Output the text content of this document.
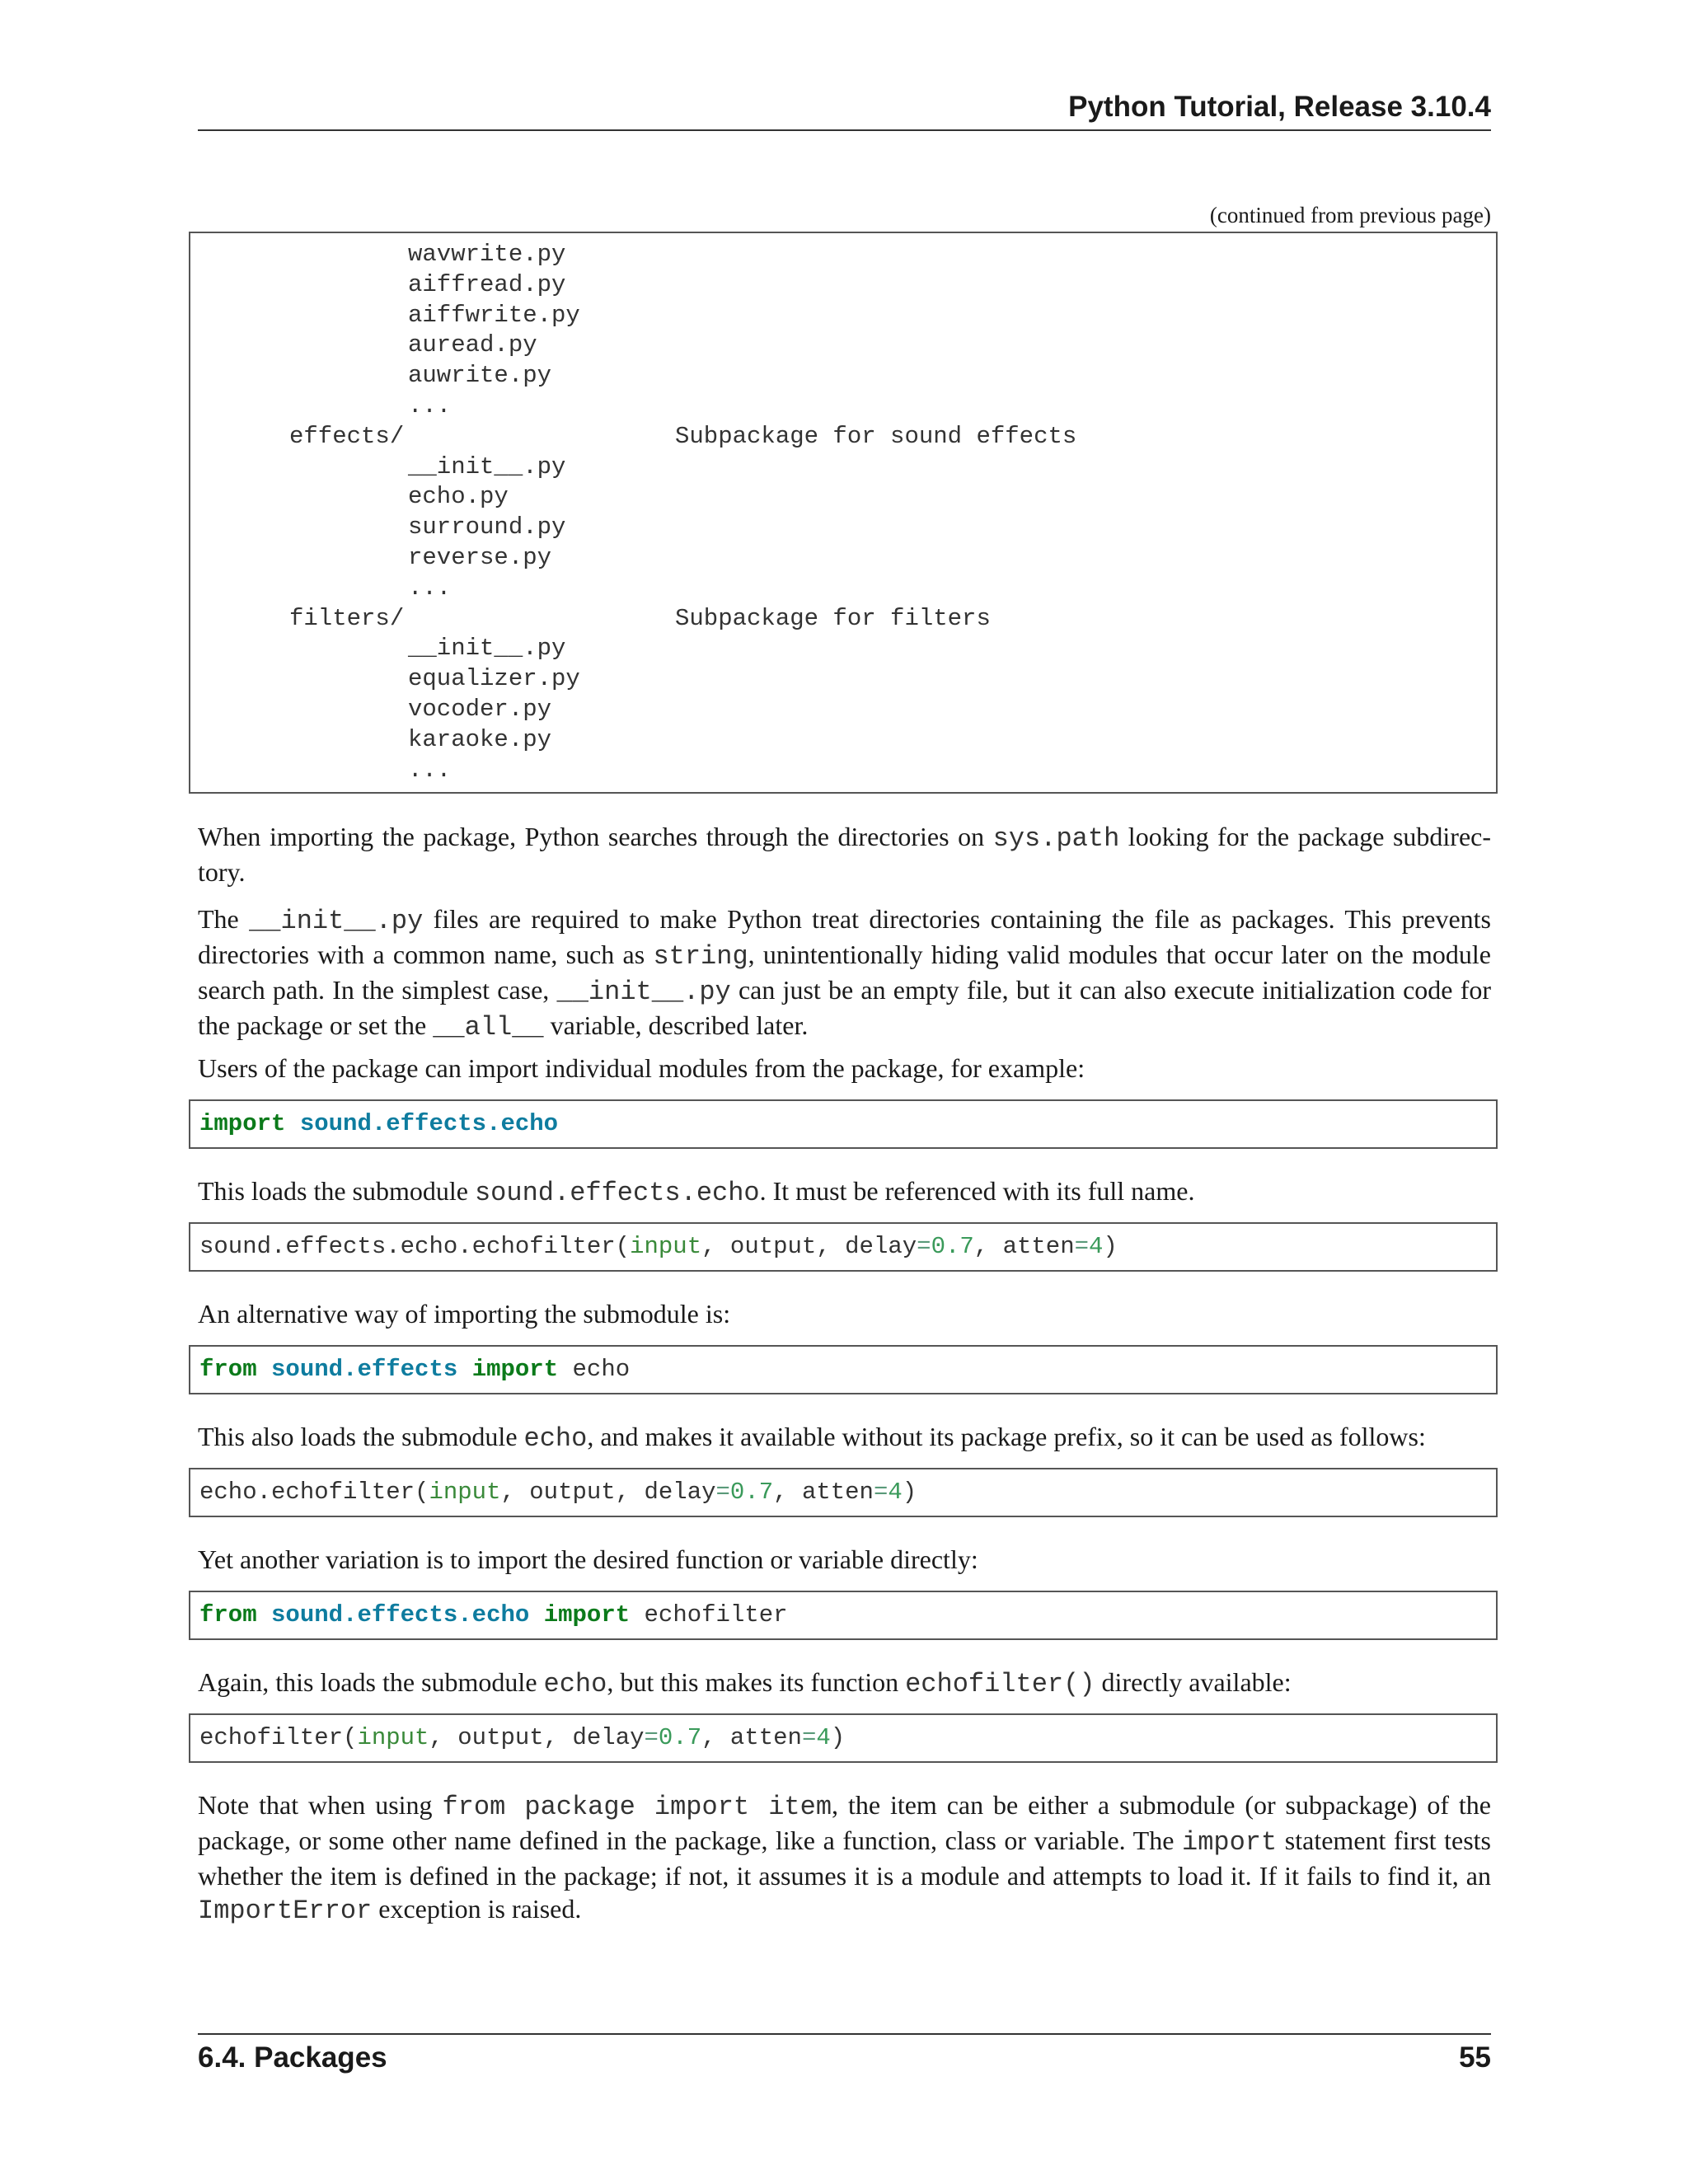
Python Tutorial, Release 3.10.4
(continued from previous page)
wavwrite.py
aiffread.py
aiffwrite.py
auread.py
auwrite.py
...
effects/	Subpackage for sound effects
__init__.py
echo.py
surround.py
reverse.py
...
filters/	Subpackage for filters
__init__.py
equalizer.py
vocoder.py
karaoke.py
...
When importing the package, Python searches through the directories on sys.path looking for the package subdirec-tory.
The __init__.py files are required to make Python treat directories containing the file as packages. This prevents directories with a common name, such as string, unintentionally hiding valid modules that occur later on the module search path. In the simplest case, __init__.py can just be an empty file, but it can also execute initialization code for the package or set the __all__ variable, described later.
Users of the package can import individual modules from the package, for example:
import sound.effects.echo
This loads the submodule sound.effects.echo. It must be referenced with its full name.
sound.effects.echo.echofilter(input, output, delay=0.7, atten=4)
An alternative way of importing the submodule is:
from sound.effects import echo
This also loads the submodule echo, and makes it available without its package prefix, so it can be used as follows:
echo.echofilter(input, output, delay=0.7, atten=4)
Yet another variation is to import the desired function or variable directly:
from sound.effects.echo import echofilter
Again, this loads the submodule echo, but this makes its function echofilter() directly available:
echofilter(input, output, delay=0.7, atten=4)
Note that when using from package import item, the item can be either a submodule (or subpackage) of the package, or some other name defined in the package, like a function, class or variable. The import statement first tests whether the item is defined in the package; if not, it assumes it is a module and attempts to load it. If it fails to find it, an ImportError exception is raised.
6.4. Packages	55
